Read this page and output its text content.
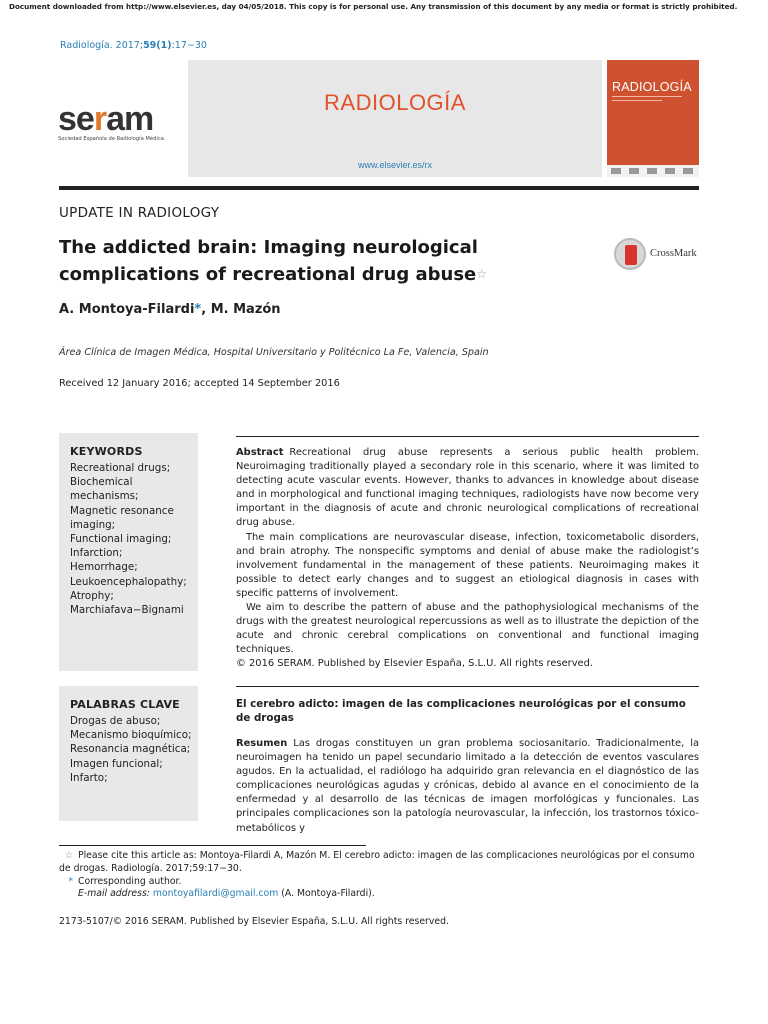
Document downloaded from http://www.elsevier.es, day 04/05/2018. This copy is for personal use. Any transmission of this document by any media or format is strictly prohibited.
Radiología. 2017;59(1):17−30
seram
Sociedad Española de Radiología Médica
RADIOLOGÍA
www.elsevier.es/rx
RADIOLOGÍA
UPDATE IN RADIOLOGY
The addicted brain: Imaging neurological complications of recreational drug abuse☆
CrossMark
A. Montoya-Filardi*, M. Mazón
Área Clínica de Imagen Médica, Hospital Universitario y Politécnico La Fe, Valencia, Spain
Received 12 January 2016; accepted 14 September 2016
KEYWORDS
Recreational drugs;
Biochemical mechanisms;
Magnetic resonance imaging;
Functional imaging;
Infarction;
Hemorrhage;
Leukoencephalopathy;
Atrophy;
Marchiafava−Bignami

Abstract Recreational drug abuse represents a serious public health problem. Neuroimaging traditionally played a secondary role in this scenario, where it was limited to detecting acute vascular events. However, thanks to advances in knowledge about disease and in morphological and functional imaging techniques, radiologists have now become very important in the diagnosis of acute and chronic neurological complications of recreational drug abuse.

The main complications are neurovascular disease, infection, toxicometabolic disorders, and brain atrophy. The nonspecific symptoms and denial of abuse make the radiologist’s involvement fundamental in the management of these patients. Neuroimaging makes it possible to detect early changes and to suggest an etiological diagnosis in cases with specific patterns of involvement.

We aim to describe the pattern of abuse and the pathophysiological mechanisms of the drugs with the greatest neurological repercussions as well as to illustrate the depiction of the acute and chronic cerebral complications on conventional and functional imaging techniques.

© 2016 SERAM. Published by Elsevier España, S.L.U. All rights reserved.

PALABRAS CLAVE
Drogas de abuso;
Mecanismo bioquímico;
Resonancia magnética;
Imagen funcional;
Infarto;
El cerebro adicto: imagen de las complicaciones neurológicas por el consumo de drogas
Resumen Las drogas constituyen un gran problema sociosanitario. Tradicionalmente, la neuroimagen ha tenido un papel secundario limitado a la detección de eventos vasculares agudos. En la actualidad, el radiólogo ha adquirido gran relevancia en el diagnóstico de las complicaciones neurológicas agudas y crónicas, debido al avance en el conocimiento de la enfermedad y al desarrollo de las técnicas de imagen morfológicas y funcionales. Las principales complicaciones son la patología neurovascular, la infección, los trastornos tóxico-metabólicos y

☆ Please cite this article as: Montoya-Filardi A, Mazón M. El cerebro adicto: imagen de las complicaciones neurológicas por el consumo de drogas. Radiología. 2017;59:17−30.

* Corresponding author.

E-mail address: montoyafilardi@gmail.com (A. Montoya-Filardi).

2173-5107/© 2016 SERAM. Published by Elsevier España, S.L.U. All rights reserved.
